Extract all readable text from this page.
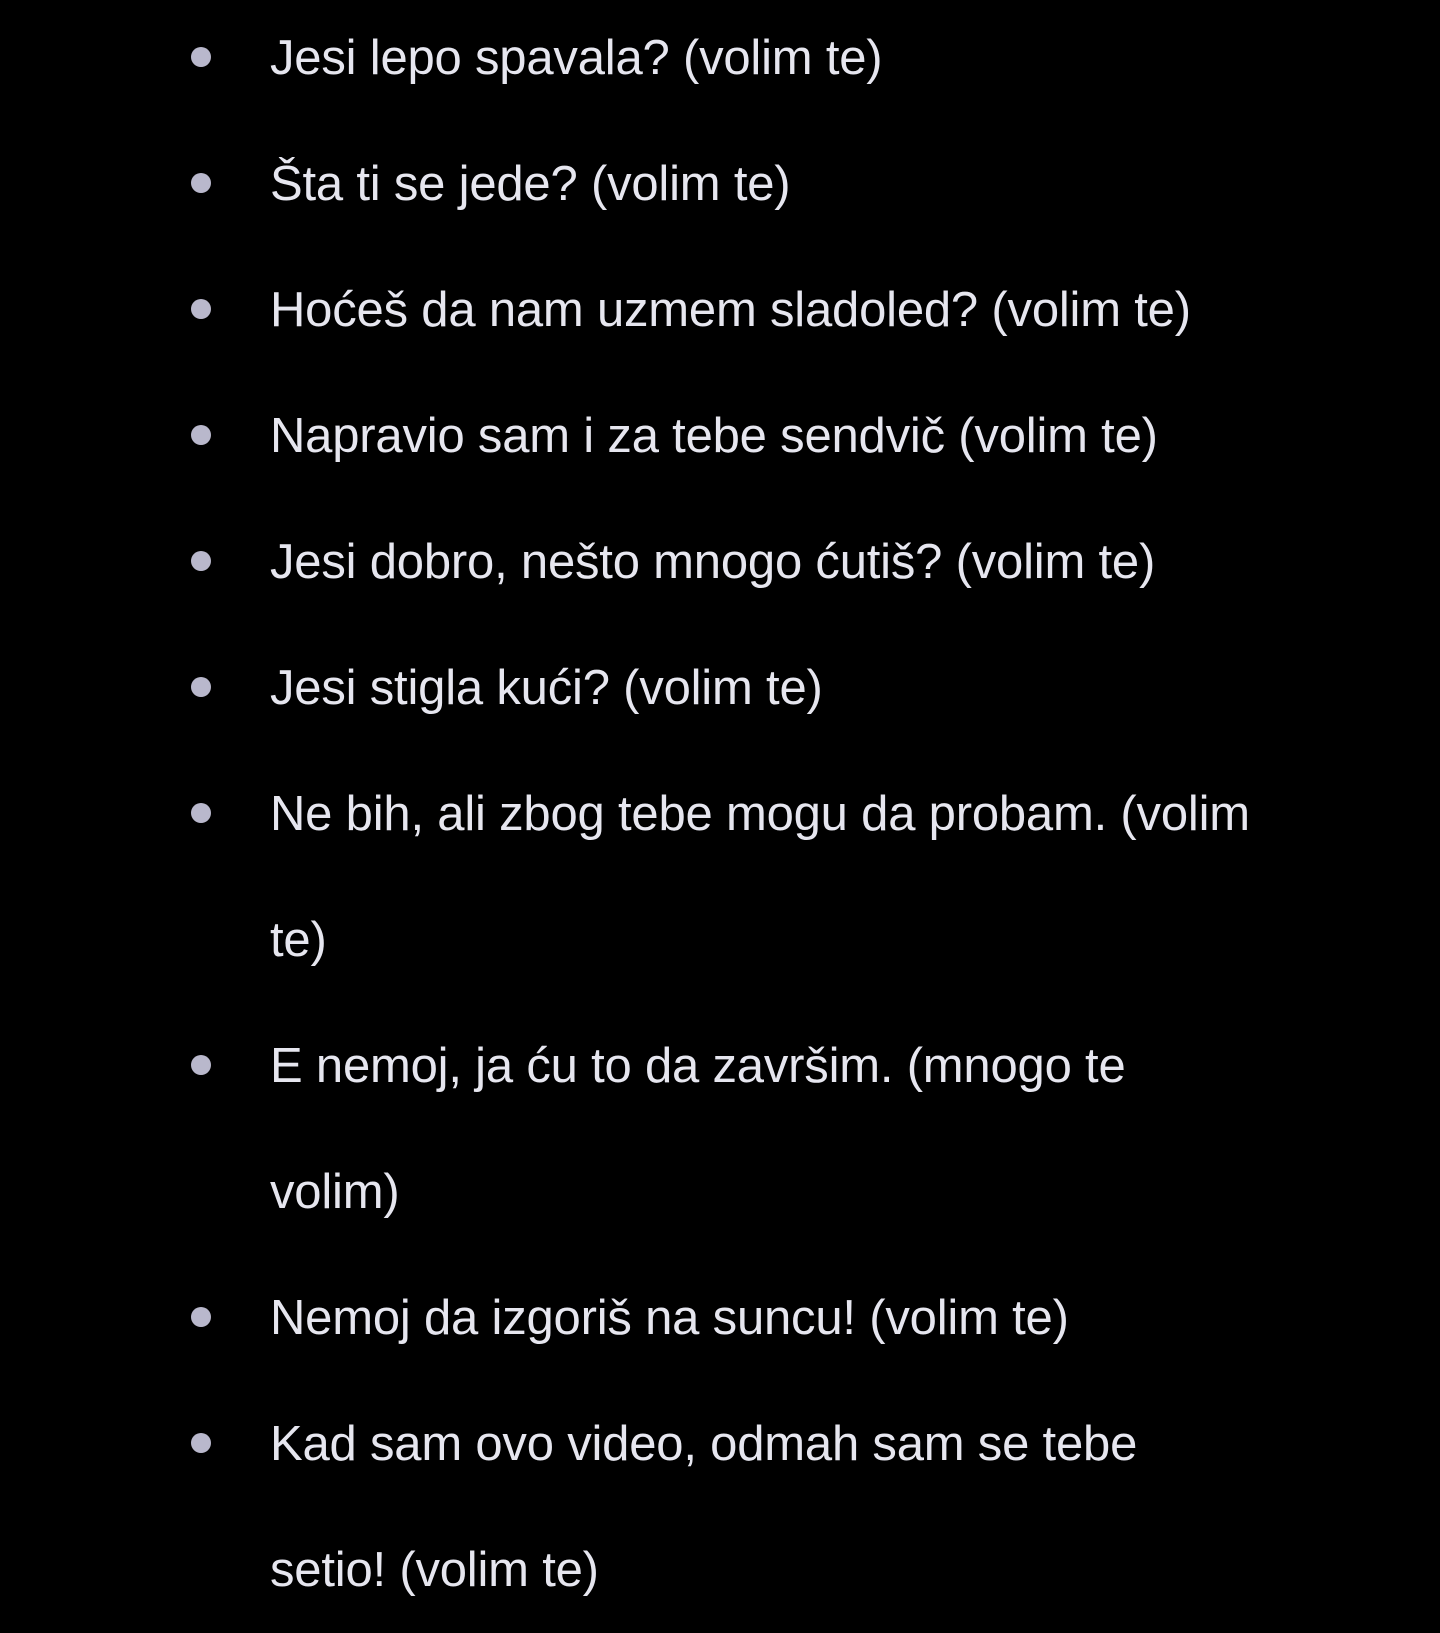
Jesi lepo spavala? (volim te)
Šta ti se jede? (volim te)
Hoćeš da nam uzmem sladoled? (volim te)
Napravio sam i za tebe sendvič (volim te)
Jesi dobro, nešto mnogo ćutiš? (volim te)
Jesi stigla kući? (volim te)
Ne bih, ali zbog tebe mogu da probam. (volim te)
E nemoj, ja ću to da završim. (mnogo te volim)
Nemoj da izgoriš na suncu! (volim te)
Kad sam ovo video, odmah sam se tebe setio! (volim te)
